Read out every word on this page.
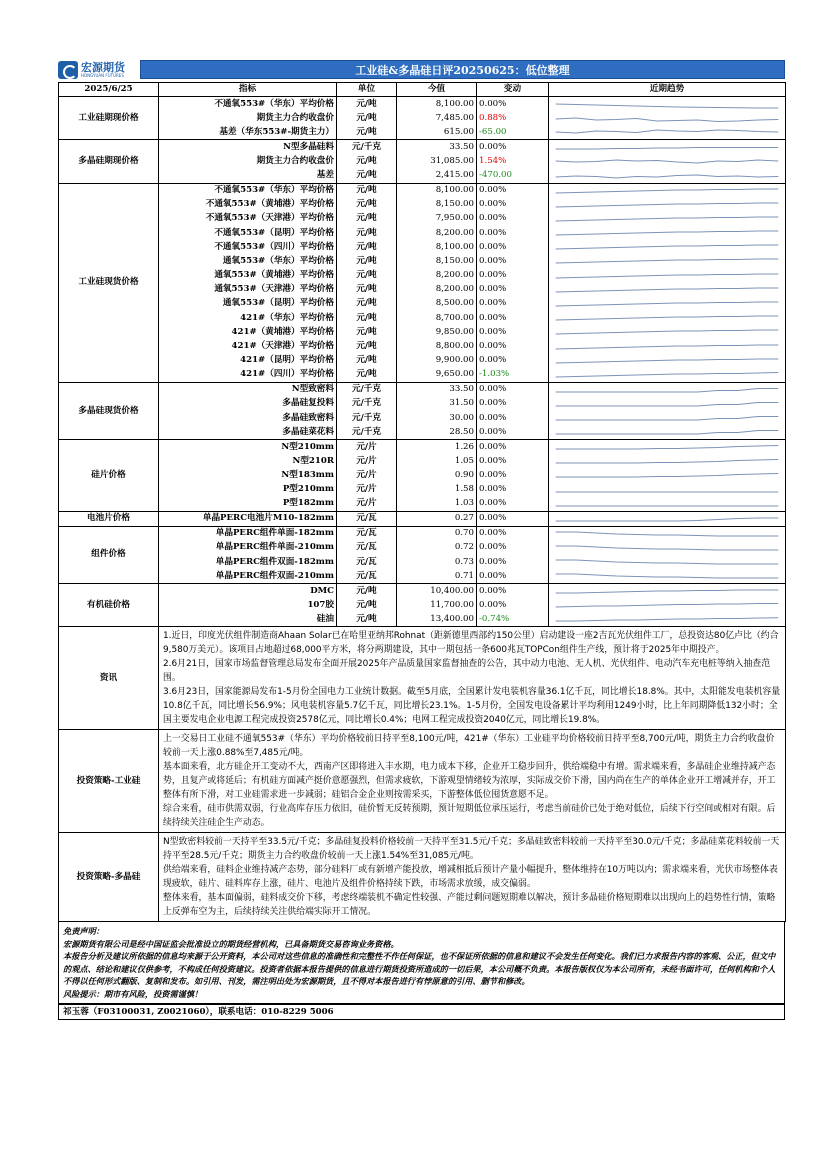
宏源期货
HONGYUAN FUTURES	工业硅&多晶硅日评20250625：低位整理
2025/6/25	指标	单位	今值	变动	近期趋势
工业硅期现价格	不通氧553#（华东）平均价格	元/吨	8,100.00	0.00%	

	期货主力合约收盘价	元/吨	7,485.00	0.88%	

	基差（华东553#-期货主力）	元/吨	615.00	-65.00	

多晶硅期现价格	N型多晶硅料	元/千克	33.50	0.00%	

	期货主力合约收盘价	元/吨	31,085.00	1.54%	

	基差	元/吨	2,415.00	-470.00	

工业硅现货价格	不通氧553#（华东）平均价格	元/吨	8,100.00	0.00%	

	不通氧553#（黄埔港）平均价格	元/吨	8,150.00	0.00%	

	不通氧553#（天津港）平均价格	元/吨	7,950.00	0.00%	

	不通氧553#（昆明）平均价格	元/吨	8,200.00	0.00%	

	不通氧553#（四川）平均价格	元/吨	8,100.00	0.00%	

	通氧553#（华东）平均价格	元/吨	8,150.00	0.00%	

	通氧553#（黄埔港）平均价格	元/吨	8,200.00	0.00%	

	通氧553#（天津港）平均价格	元/吨	8,200.00	0.00%	

	通氧553#（昆明）平均价格	元/吨	8,500.00	0.00%	

	421#（华东）平均价格	元/吨	8,700.00	0.00%	

	421#（黄埔港）平均价格	元/吨	9,850.00	0.00%	

	421#（天津港）平均价格	元/吨	8,800.00	0.00%	

	421#（昆明）平均价格	元/吨	9,900.00	0.00%	

	421#（四川）平均价格	元/吨	9,650.00	-1.03%	

多晶硅现货价格	N型致密料	元/千克	33.50	0.00%	

	多晶硅复投料	元/千克	31.50	0.00%	

	多晶硅致密料	元/千克	30.00	0.00%	

	多晶硅菜花料	元/千克	28.50	0.00%	

硅片价格	N型210mm	元/片	1.26	0.00%	

	N型210R	元/片	1.05	0.00%	

	N型183mm	元/片	0.90	0.00%	

	P型210mm	元/片	1.58	0.00%	

	P型182mm	元/片	1.03	0.00%	

电池片价格	单晶PERC电池片M10-182mm	元/瓦	0.27	0.00%	

组件价格	单晶PERC组件单面-182mm	元/瓦	0.70	0.00%	

	单晶PERC组件单面-210mm	元/瓦	0.72	0.00%	

	单晶PERC组件双面-182mm	元/瓦	0.73	0.00%	

	单晶PERC组件双面-210mm	元/瓦	0.71	0.00%	

有机硅价格	DMC	元/吨	10,400.00	0.00%	

	107胶	元/吨	11,700.00	0.00%	

	硅油	元/吨	13,400.00	-0.74%	

资讯	1.近日，印度光伏组件制造商Ahaan Solar已在哈里亚纳邦Rohnat（距新德里西部约150公里）启动建设一座2吉瓦光伏组件工厂，总投资达80亿卢比（约合9,580万美元）。该项目占地超过68,000平方米，将分两期建设，其中一期包括一条600兆瓦TOPCon组件生产线，预计将于2025年中期投产。

2.6月21日，国家市场监督管理总局发布全面开展2025年产品质量国家监督抽查的公告，其中动力电池、无人机、光伏组件、电动汽车充电桩等纳入抽查范围。

3.6月23日，国家能源局发布1-5月份全国电力工业统计数据。截至5月底，全国累计发电装机容量36.1亿千瓦，同比增长18.8%。其中，太阳能发电装机容量10.8亿千瓦，同比增长56.9%；风电装机容量5.7亿千瓦，同比增长23.1%。1-5月份，全国发电设备累计平均利用1249小时，比上年同期降低132小时；全国主要发电企业电源工程完成投资2578亿元，同比增长0.4%；电网工程完成投资2040亿元，同比增长19.8%。				

投资策略-工业硅	上一交易日工业硅不通氧553#（华东）平均价格较前日持平至8,100元/吨，421#（华东）工业硅平均价格较前日持平至8,700元/吨，期货主力合约收盘价较前一天上涨0.88%至7,485元/吨。

基本面来看，北方硅企开工变动不大，西南产区即将进入丰水期，电力成本下移，企业开工稳步回升，供给端稳中有增。需求端来看，多晶硅企业维持减产态势，且复产或将延后；有机硅方面减产挺价意愿强烈，但需求疲软，下游观望情绪较为浓厚，实际成交价下滑，国内尚在生产的单体企业开工增减并存，开工整体有所下滑，对工业硅需求进一步减弱；硅铝合金企业则按需采买，下游整体低位囤货意愿不足。

综合来看，硅市供需双弱，行业高库存压力依旧，硅价暂无反转预期，预计短期低位承压运行，考虑当前硅价已处于绝对低位，后续下行空间或相对有限。后续持续关注硅企生产动态。				

投资策略-多晶硅	N型致密料较前一天持平至33.5元/千克；多晶硅复投料价格较前一天持平至31.5元/千克；多晶硅致密料较前一天持平至30.0元/千克；多晶硅菜花料较前一天持平至28.5元/千克；期货主力合约收盘价较前一天上涨1.54%至31,085元/吨。

供给端来看，硅料企业维持减产态势，部分硅料厂或有新增产能投放，增减相抵后预计产量小幅提升，整体维持在10万吨以内；需求端来看，光伏市场整体表现疲软，硅片、硅料库存上涨，硅片、电池片及组件价格持续下跌，市场需求放缓，成交偏弱。

整体来看，基本面偏弱，硅料成交价下移，考虑终端装机不确定性较强、产能过剩问题短期难以解决，预计多晶硅价格短期难以出现向上的趋势性行情，策略上反弹布空为主，后续持续关注供给端实际开工情况。				

免责声明：
宏源期货有限公司是经中国证监会批准设立的期货经营机构，已具备期货交易咨询业务资格。
本报告分析及建议所依据的信息均来源于公开资料，本公司对这些信息的准确性和完整性不作任何保证，也不保证所依据的信息和建议不会发生任何变化。我们已力求报告内容的客观、公正，但文中的观点、结论和建议仅供参考，不构成任何投资建议。投资者依据本报告提供的信息进行期货投资所造成的一切后果，本公司概不负责。本报告版权仅为本公司所有，未经书面许可，任何机构和个人不得以任何形式翻版、复制和发布。如引用、刊发，需注明出处为宏源期货，且不得对本报告进行有悖原意的引用、删节和修改。
风险提示：期市有风险，投资需谨慎！
祁玉蓉（F03100031, Z0021060），联系电话：010-8229 5006
